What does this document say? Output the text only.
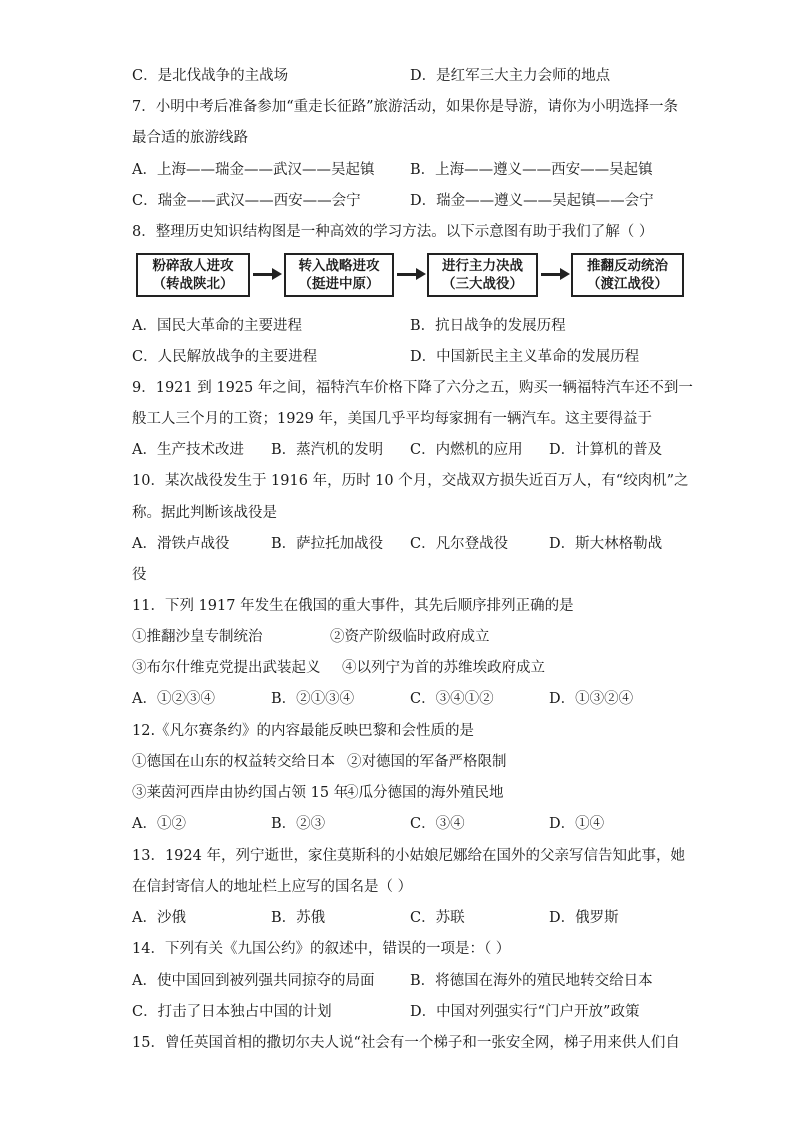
C．是北伐战争的主战场	D．是红军三大主力会师的地点
7．小明中考后准备参加“重走长征路”旅游活动，如果你是导游，请你为小明选择一条
最合适的旅游线路
A．上海——瑞金——武汉——吴起镇 B．上海——遵义——西安——吴起镇
C．瑞金——武汉——西安——会宁	D．瑞金——遵义——吴起镇——会宁
8．整理历史知识结构图是一种高效的学习方法。以下示意图有助于我们了解（ ）
粉碎敌人进攻
（转战陕北）
转入战略进攻
（挺进中原）
进行主力决战
（三大战役）
推翻反动统治
（渡江战役）
A．国民大革命的主要进程	B．抗日战争的发展历程
C．人民解放战争的主要进程	D．中国新民主主义革命的发展历程
9．1921 到 1925 年之间，福特汽车价格下降了六分之五，购买一辆福特汽车还不到一
般工人三个月的工资；1929 年，美国几乎平均每家拥有一辆汽车。这主要得益于
A．生产技术改进 B．蒸汽机的发明 C．内燃机的应用 D．计算机的普及
10．某次战役发生于 1916 年，历时 10 个月，交战双方损失近百万人，有“绞肉机”之
称。据此判断该战役是
A．滑铁卢战役	B．萨拉托加战役 C．凡尔登战役	D．斯大林格勒战
役
11．下列 1917 年发生在俄国的重大事件，其先后顺序排列正确的是
①推翻沙皇专制统治	②资产阶级临时政府成立
③布尔什维克党提出武装起义 ④以列宁为首的苏维埃政府成立
A．①②③④	B．②①③④	C．③④①②	D．①③②④
12.《凡尔赛条约》的内容最能反映巴黎和会性质的是
①德国在山东的权益转交给日本 ②对德国的军备严格限制
③莱茵河西岸由协约国占领 15 年
④瓜分德国的海外殖民地
A．①②	B．②③	C．③④	D．①④
13．1924 年，列宁逝世，家住莫斯科的小姑娘尼娜给在国外的父亲写信告知此事，她
在信封寄信人的地址栏上应写的国名是（ ）
A．沙俄	B．苏俄	C．苏联	D．俄罗斯
14．下列有关《九国公约》的叙述中，错误的一项是：（ ）
A．使中国回到被列强共同掠夺的局面 B．将德国在海外的殖民地转交给日本
C．打击了日本独占中国的计划	D．中国对列强实行“门户开放”政策
15．曾任英国首相的撒切尔夫人说“社会有一个梯子和一张安全网，梯子用来供人们自
